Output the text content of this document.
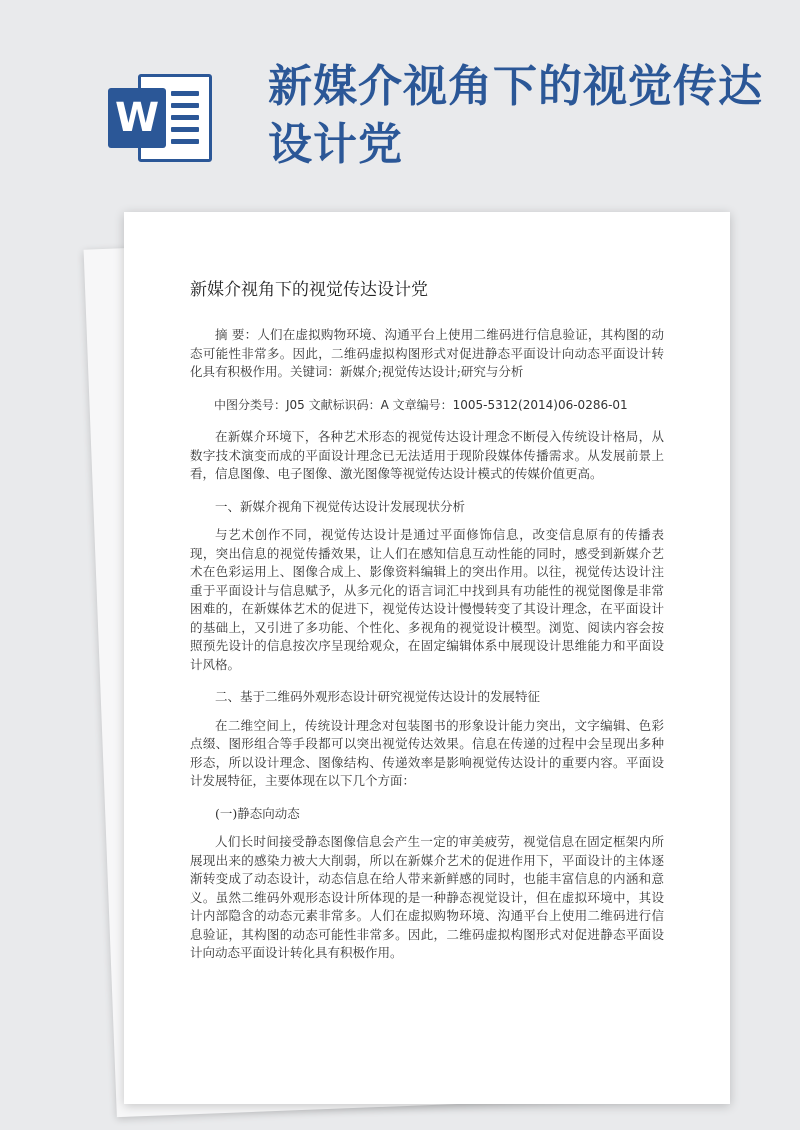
W
新媒介视角下的视觉传达设计党
新媒介视角下的视觉传达设计党

摘 要：人们在虚拟购物环境、沟通平台上使用二维码进行信息验证，其构图的动态可能性非常多。因此，二维码虚拟构图形式对促进静态平面设计向动态平面设计转化具有积极作用。关键词：新媒介;视觉传达设计;研究与分析

中图分类号：J05 文献标识码：A 文章编号：1005-5312(2014)06-0286-01

在新媒介环境下，各种艺术形态的视觉传达设计理念不断侵入传统设计格局，从数字技术演变而成的平面设计理念已无法适用于现阶段媒体传播需求。从发展前景上看，信息图像、电子图像、激光图像等视觉传达设计模式的传媒价值更高。

一、新媒介视角下视觉传达设计发展现状分析

与艺术创作不同，视觉传达设计是通过平面修饰信息，改变信息原有的传播表现，突出信息的视觉传播效果，让人们在感知信息互动性能的同时，感受到新媒介艺术在色彩运用上、图像合成上、影像资料编辑上的突出作用。以往，视觉传达设计注重于平面设计与信息赋予，从多元化的语言词汇中找到具有功能性的视觉图像是非常困难的，在新媒体艺术的促进下，视觉传达设计慢慢转变了其设计理念，在平面设计的基础上，又引进了多功能、个性化、多视角的视觉设计模型。浏览、阅读内容会按照预先设计的信息按次序呈现给观众，在固定编辑体系中展现设计思维能力和平面设计风格。

二、基于二维码外观形态设计研究视觉传达设计的发展特征

在二维空间上，传统设计理念对包装图书的形象设计能力突出，文字编辑、色彩点缀、图形组合等手段都可以突出视觉传达效果。信息在传递的过程中会呈现出多种形态，所以设计理念、图像结构、传递效率是影响视觉传达设计的重要内容。平面设计发展特征，主要体现在以下几个方面：

(一)静态向动态

人们长时间接受静态图像信息会产生一定的审美疲劳，视觉信息在固定框架内所展现出来的感染力被大大削弱，所以在新媒介艺术的促进作用下，平面设计的主体逐渐转变成了动态设计，动态信息在给人带来新鲜感的同时，也能丰富信息的内涵和意义。虽然二维码外观形态设计所体现的是一种静态视觉设计，但在虚拟环境中，其设计内部隐含的动态元素非常多。人们在虚拟购物环境、沟通平台上使用二维码进行信息验证，其构图的动态可能性非常多。因此，二维码虚拟构图形式对促进静态平面设计向动态平面设计转化具有积极作用。
